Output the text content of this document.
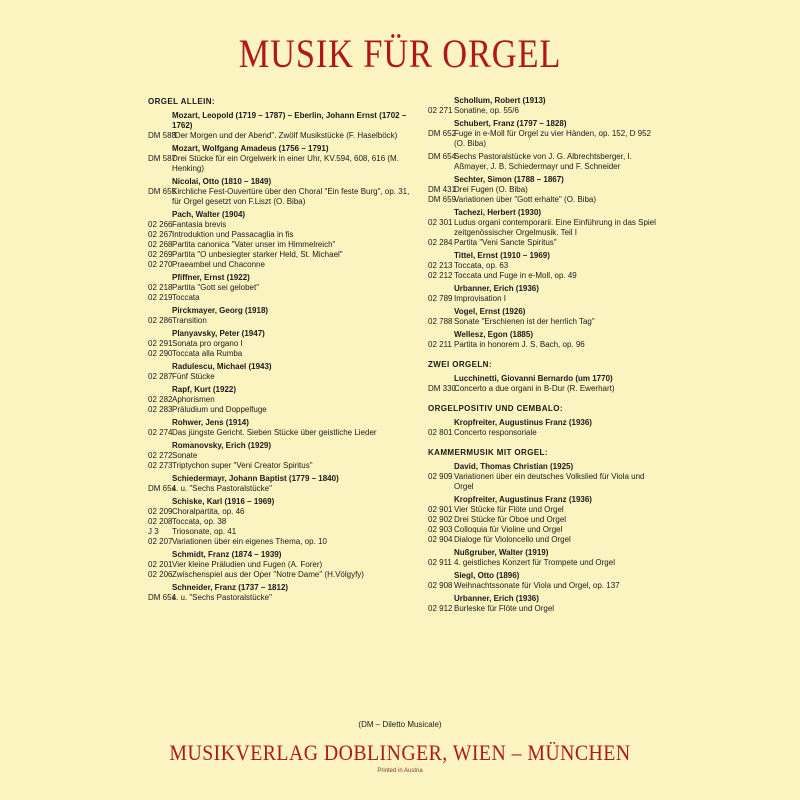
MUSIK FÜR ORGEL
ORGEL ALLEIN:
Mozart, Leopold (1719 – 1787) – Eberlin, Johann Ernst (1702 – 1762)
DM 588
"Der Morgen und der Abend". Zwölf Musikstücke (F. Haselböck)
Mozart, Wolfgang Amadeus (1756 – 1791)
DM 587
Drei Stücke für ein Orgelwerk in einer Uhr, KV.594, 608, 616 (M. Henking)
Nicolai, Otto (1810 – 1849)
DM 655
Kirchliche Fest-Ouvertüre über den Choral "Ein feste Burg", op. 31, für Orgel gesetzt von F.Liszt (O. Biba)
Pach, Walter (1904)
02 266 Fantasia brevis
02 267 Introduktion und Passacaglia in fis
02 268 Partita canonica "Vater unser im Himmelreich"
02 269 Partita "O unbesiegter starker Held, St. Michael"
02 270 Praeambel und Chaconne
Pfiffner, Ernst (1922)
02 218 Partita "Gott sei gelobet"
02 219 Toccata
Pirckmayer, Georg (1918)
02 286 Transition
Planyavsky, Peter (1947)
02 291 Sonata pro organo I
02 290 Toccata alla Rumba
Radulescu, Michael (1943)
02 287 Fünf Stücke
Rapf, Kurt (1922)
02 282 Aphorismen
02 283 Präludium und Doppelfuge
Rohwer, Jens (1914)
02 274 Das jüngste Gericht. Sieben Stücke über geistliche Lieder
Romanovsky, Erich (1929)
02 272 Sonate
02 273 Triptychon super "Veni Creator Spiritus"
Schiedermayr, Johann Baptist (1779 – 1840)
DM 654
s. u. "Sechs Pastoralstücke"
Schiske, Karl (1916 – 1969)
02 209 Choralpartita, op. 46
02 208 Toccata, op. 38
J 3	Triosonate, op. 41
02 207 Variationen über ein eigenes Thema, op. 10
Schmidt, Franz (1874 – 1939)
02 201 Vier kleine Präludien und Fugen (A. Forer)
02 206 Zwischenspiel aus der Oper "Notre Dame" (H.Völgyfy)
Schneider, Franz (1737 – 1812)
DM 654
s. u. "Sechs Pastoralstücke"
Schollum, Robert (1913)
02 271 Sonatine, op. 55/6
Schubert, Franz (1797 – 1828)
DM 652
Fuge in e-Moll für Orgel zu vier Händen, op. 152, D 952 (O. Biba)
DM 654
Sechs Pastoralstücke von J. G. Albrechtsberger, I. Aßmayer, J. B. Schiedermayr und F. Schneider
Sechter, Simon (1788 – 1867)
DM 431
Drei Fugen (O. Biba)
DM 659
Variationen über "Gott erhalte" (O. Biba)
Tachezi, Herbert (1930)
02 301 Ludus organi contemporarii. Eine Einführung in das Spiel zeitgenössischer Orgelmusik. Teil I
02 284 Partita "Veni Sancte Spiritus"
Tittel, Ernst (1910 – 1969)
02 213 Toccata, op. 63
02 212 Toccata und Fuge in e-Moll, op. 49
Urbanner, Erich (1936)
02 789 Improvisation I
Vogel, Ernst (1926)
02 788 Sonate "Erschienen ist der herrlich Tag"
Wellesz, Egon (1885)
02 211 Partita in honorem J. S. Bach, op. 96
ZWEI ORGELN:
Lucchinetti, Giovanni Bernardo (um 1770)
DM 330
Concerto a due organi in B-Dur (R. Ewerhart)
ORGELPOSITIV UND CEMBALO:
Kropfreiter, Augustinus Franz (1936)
02 801 Concerto responsoriale
KAMMERMUSIK MIT ORGEL:
David, Thomas Christian (1925)
02 909 Variationen über ein deutsches Volkslied für Viola und Orgel
Kropfreiter, Augustinus Franz (1936)
02 901 Vier Stücke für Flöte und Orgel
02 902 Drei Stücke für Oboe und Orgel
02 903 Colloquia für Violine und Orgel
02 904 Dialoge für Violoncello und Orgel
Nußgruber, Walter (1919)
02 911 4. geistliches Konzert für Trompete und Orgel
Siegl, Otto (1896)
02 908 Weihnachtssonate für Viola und Orgel, op. 137
Urbanner, Erich (1936)
02 912 Burleske für Flöte und Orgel
(DM – Diletto Musicale)
MUSIKVERLAG DOBLINGER, WIEN – MÜNCHEN
Printed in Austria
